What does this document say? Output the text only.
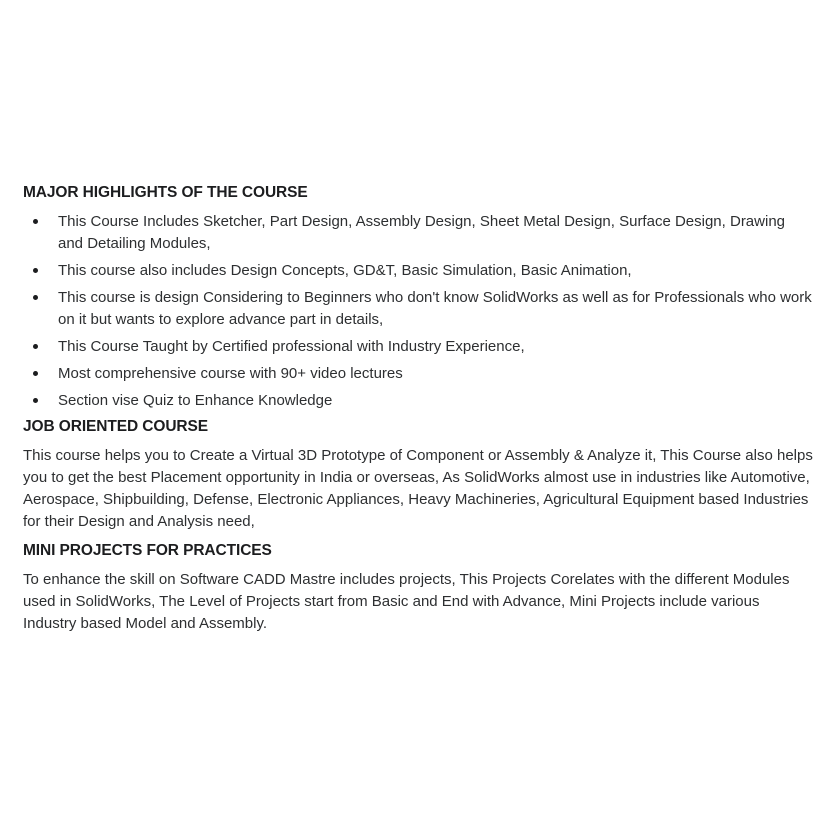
MAJOR HIGHLIGHTS OF THE COURSE
This Course Includes Sketcher, Part Design, Assembly Design, Sheet Metal Design, Surface Design, Drawing and Detailing Modules,
This course also includes Design Concepts, GD&T, Basic Simulation, Basic Animation,
This course is design Considering to Beginners who don't know SolidWorks as well as for Professionals who work on it but wants to explore advance part in details,
This Course Taught by Certified professional with Industry Experience,
Most comprehensive course with 90+ video lectures
Section vise Quiz to Enhance Knowledge
JOB ORIENTED COURSE

This course helps you to Create a Virtual 3D Prototype of Component or Assembly & Analyze it, This Course also helps you to get the best Placement opportunity in India or overseas, As SolidWorks almost use in industries like Automotive, Aerospace, Shipbuilding, Defense, Electronic Appliances, Heavy Machineries, Agricultural Equipment based Industries for their Design and Analysis need,

MINI PROJECTS FOR PRACTICES

To enhance the skill on Software CADD Mastre includes projects, This Projects Corelates with the different Modules used in SolidWorks, The Level of Projects start from Basic and End with Advance, Mini Projects include various Industry based Model and Assembly.
